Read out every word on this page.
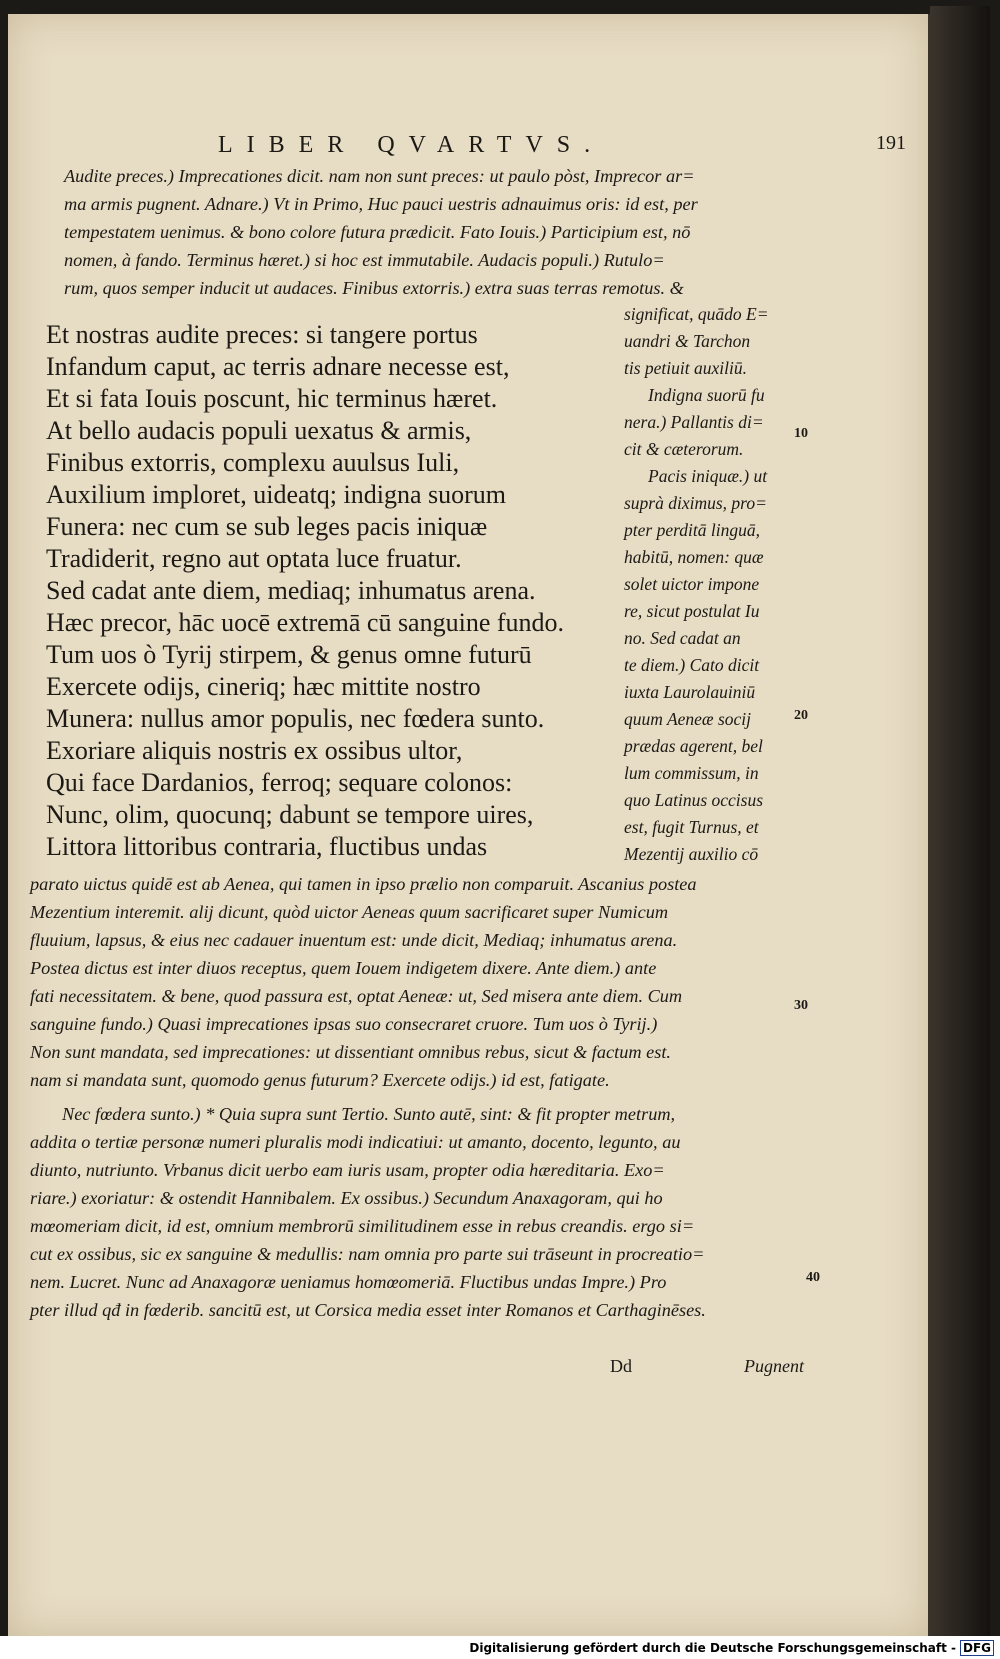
LIBER QVARTVS.	191
Audite preces.) Imprecationes dicit. nam non sunt preces: ut paulo pòst, Imprecor ar=
ma armis pugnent. Adnare.) Vt in Primo, Huc pauci uestris adnauimus oris: id est, per
tempestatem uenimus. & bono colore futura prædicit. Fato Iouis.) Participium est, nō
nomen, à fando. Terminus hæret.) si hoc est immutabile. Audacis populi.) Rutulo=
rum, quos semper inducit ut audaces. Finibus extorris.) extra suas terras remotus. &
Et nostras audite preces: si tangere portus
Infandum caput, ac terris adnare necesse est,
Et si fata Iouis poscunt, hic terminus hæret.
At bello audacis populi uexatus & armis,
Finibus extorris, complexu auulsus Iuli,
Auxilium imploret, uideatq; indigna suorum
Funera: nec cum se sub leges pacis iniquæ
Tradiderit, regno aut optata luce fruatur.
Sed cadat ante diem, mediaq; inhumatus arena.
Hæc precor, hāc uocē extremā cū sanguine fundo.
Tum uos ò Tyrij stirpem, & genus omne futurū
Exercete odijs, cineriq; hæc mittite nostro
Munera: nullus amor populis, nec fœdera sunto.
Exoriare aliquis nostris ex ossibus ultor,
Qui face Dardanios, ferroq; sequare colonos:
Nunc, olim, quocunq; dabunt se tempore uires,
Littora littoribus contraria, fluctibus undas
significat, quādo E=
uandri & Tarchon
tis petiuit auxiliū.
Indigna suorū fu
nera.) Pallantis di=
cit & cæterorum.
Pacis iniquæ.) ut
suprà diximus, pro=
pter perditā linguā,
habitū, nomen: quæ
solet uictor impone
re, sicut postulat Iu
no. Sed cadat an
te diem.) Cato dicit
iuxta Laurolauiniū
quum Aeneæ socij
prædas agerent, bel
lum commissum, in
quo Latinus occisus
est, fugit Turnus, et
Mezentij auxilio cō
parato uictus quidē est ab Aenea, qui tamen in ipso prælio non comparuit. Ascanius postea
Mezentium interemit. alij dicunt, quòd uictor Aeneas quum sacrificaret super Numicum
fluuium, lapsus, & eius nec cadauer inuentum est: unde dicit, Mediaq; inhumatus arena.
Postea dictus est inter diuos receptus, quem Iouem indigetem dixere. Ante diem.) ante
fati necessitatem. & bene, quod passura est, optat Aeneæ: ut, Sed misera ante diem. Cum
sanguine fundo.) Quasi imprecationes ipsas suo consecraret cruore. Tum uos ò Tyrij.)
Non sunt mandata, sed imprecationes: ut dissentiant omnibus rebus, sicut & factum est.
nam si mandata sunt, quomodo genus futurum? Exercete odijs.) id est, fatigate.
Nec fœdera sunto.) * Quia supra sunt Tertio. Sunto autē, sint: & fit propter metrum,
addita o tertiæ personæ numeri pluralis modi indicatiui: ut amanto, docento, legunto, au
diunto, nutriunto. Vrbanus dicit uerbo eam iuris usam, propter odia hæreditaria. Exo=
riare.) exoriatur: & ostendit Hannibalem. Ex ossibus.) Secundum Anaxagoram, qui ho
mœomeriam dicit, id est, omnium membrorū similitudinem esse in rebus creandis. ergo si=
cut ex ossibus, sic ex sanguine & medullis: nam omnia pro parte sui trāseunt in procreatio=
nem. Lucret. Nunc ad Anaxagoræ ueniamus homœomeriā. Fluctibus undas Impre.) Pro
pter illud qđ in fœderib. sancitū est, ut Corsica media esset inter Romanos et Carthaginēses.
10
20
30
40
Dd	Pugnent
Digitalisierung gefördert durch die Deutsche Forschungsgemeinschaft - DFG
